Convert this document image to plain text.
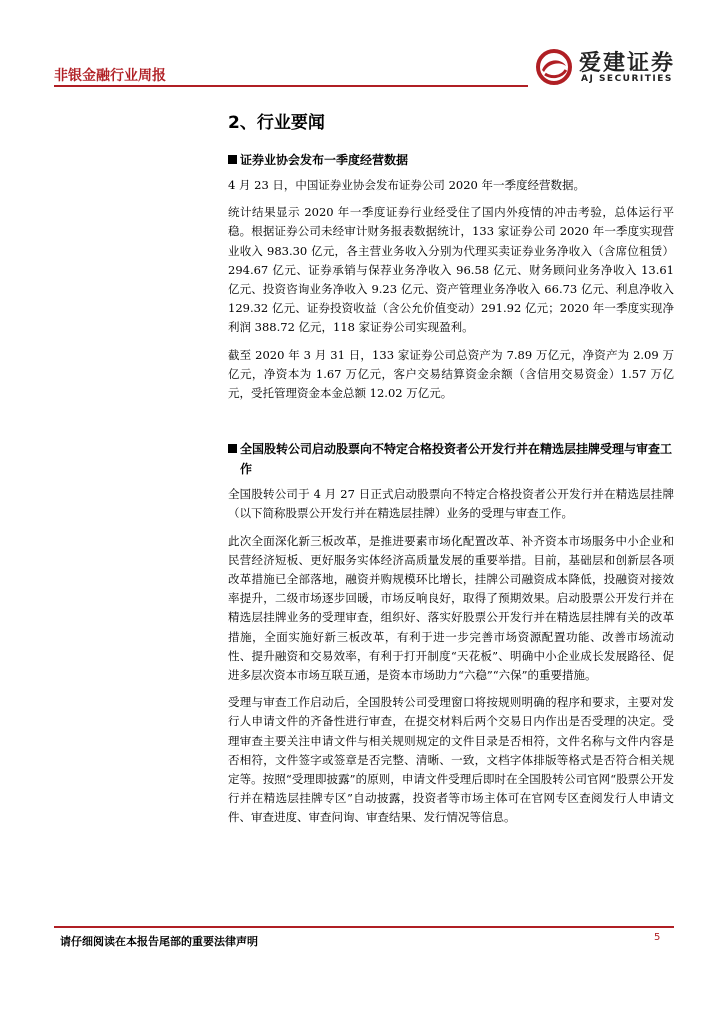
非银金融行业周报	爱建证券
AJ SECURITIES
2、行业要闻
证券业协会发布一季度经营数据

4 月 23 日，中国证券业协会发布证券公司 2020 年一季度经营数据。

统计结果显示 2020 年一季度证券行业经受住了国内外疫情的冲击考验，总体运行平稳。根据证券公司未经审计财务报表数据统计，133 家证券公司 2020 年一季度实现营业收入 983.30 亿元，各主营业务收入分别为代理买卖证券业务净收入（含席位租赁）294.67 亿元、证券承销与保荐业务净收入 96.58 亿元、财务顾问业务净收入 13.61 亿元、投资咨询业务净收入 9.23 亿元、资产管理业务净收入 66.73 亿元、利息净收入 129.32 亿元、证券投资收益（含公允价值变动）291.92 亿元；2020 年一季度实现净利润 388.72 亿元，118 家证券公司实现盈利。

截至 2020 年 3 月 31 日，133 家证券公司总资产为 7.89 万亿元，净资产为 2.09 万亿元，净资本为 1.67 万亿元，客户交易结算资金余额（含信用交易资金）1.57 万亿元，受托管理资金本金总额 12.02 万亿元。

全国股转公司启动股票向不特定合格投资者公开发行并在精选层挂牌受理与审查工作

全国股转公司于 4 月 27 日正式启动股票向不特定合格投资者公开发行并在精选层挂牌（以下简称股票公开发行并在精选层挂牌）业务的受理与审查工作。

此次全面深化新三板改革，是推进要素市场化配置改革、补齐资本市场服务中小企业和民营经济短板、更好服务实体经济高质量发展的重要举措。目前，基础层和创新层各项改革措施已全部落地，融资并购规模环比增长，挂牌公司融资成本降低，投融资对接效率提升，二级市场逐步回暖，市场反响良好，取得了预期效果。启动股票公开发行并在精选层挂牌业务的受理审查，组织好、落实好股票公开发行并在精选层挂牌有关的改革措施，全面实施好新三板改革，有利于进一步完善市场资源配置功能、改善市场流动性、提升融资和交易效率，有利于打开制度“天花板”、明确中小企业成长发展路径、促进多层次资本市场互联互通，是资本市场助力“六稳”“六保”的重要措施。

受理与审查工作启动后，全国股转公司受理窗口将按规则明确的程序和要求，主要对发行人申请文件的齐备性进行审查，在提交材料后两个交易日内作出是否受理的决定。受理审查主要关注申请文件与相关规则规定的文件目录是否相符，文件名称与文件内容是否相符，文件签字或签章是否完整、清晰、一致，文档字体排版等格式是否符合相关规定等。按照“受理即披露”的原则，申请文件受理后即时在全国股转公司官网“股票公开发行并在精选层挂牌专区”自动披露，投资者等市场主体可在官网专区查阅发行人申请文件、审查进度、审查问询、审查结果、发行情况等信息。

请仔细阅读在本报告尾部的重要法律声明	5
